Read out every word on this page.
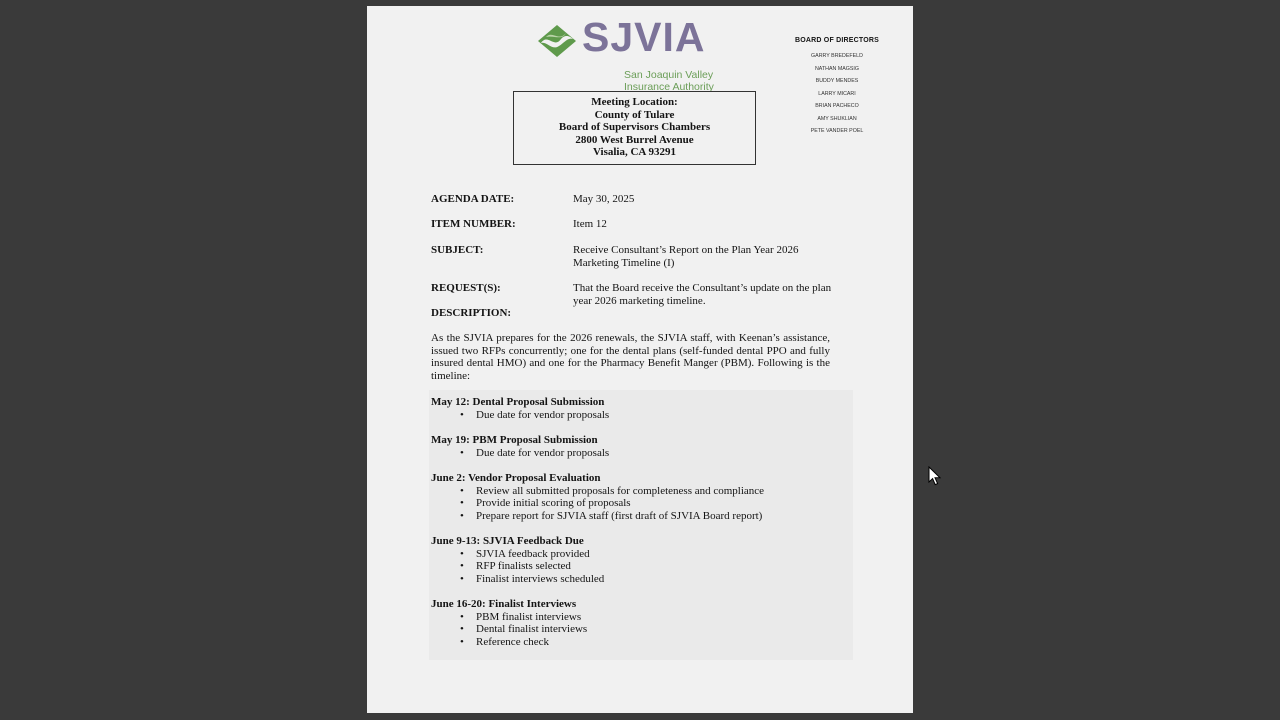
SJVIA
San Joaquin Valley
Insurance Authority
BOARD OF DIRECTORS
GARRY BREDEFELD
NATHAN MAGSIG
BUDDY MENDES
LARRY MICARI
BRIAN PACHECO
AMY SHUKLIAN
PETE VANDER POEL
Meeting Location:
County of Tulare
Board of Supervisors Chambers
2800 West Burrel Avenue
Visalia, CA 93291
AGENDA DATE:	May 30, 2025
ITEM NUMBER:	Item 12
SUBJECT:	Receive Consultant’s Report on the Plan Year 2026 Marketing Timeline (I)
REQUEST(S):	That the Board receive the Consultant’s update on the plan year 2026 marketing timeline.
DESCRIPTION:
As the SJVIA prepares for the 2026 renewals, the SJVIA staff, with Keenan’s assistance, issued two RFPs concurrently; one for the dental plans (self-funded dental PPO and fully insured dental HMO) and one for the Pharmacy Benefit Manger (PBM). Following is the timeline:
May 12: Dental Proposal Submission
• Due date for vendor proposals
May 19: PBM Proposal Submission
• Due date for vendor proposals
June 2: Vendor Proposal Evaluation
• Review all submitted proposals for completeness and compliance
• Provide initial scoring of proposals
• Prepare report for SJVIA staff (first draft of SJVIA Board report)
June 9-13: SJVIA Feedback Due
• SJVIA feedback provided
• RFP finalists selected
• Finalist interviews scheduled
June 16-20: Finalist Interviews
• PBM finalist interviews
• Dental finalist interviews
• Reference check
